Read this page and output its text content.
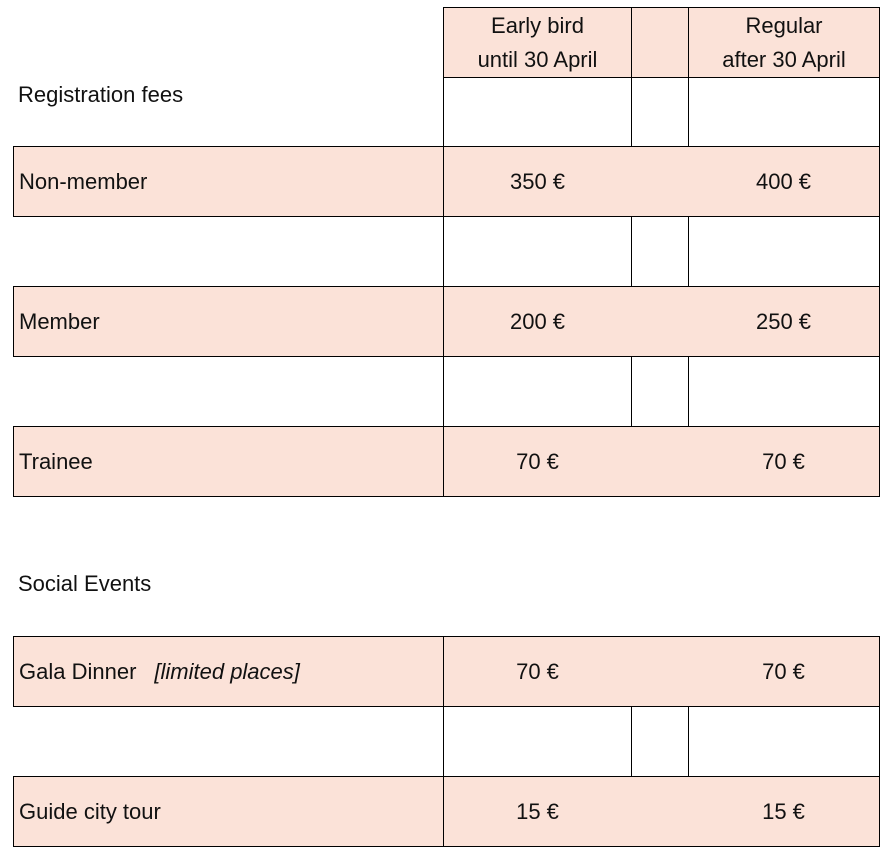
Early bird
until 30 April
Regular
after 30 April
Registration fees
Non-member	350 €	400 €
Member	200 €	250 €
Trainee	70 €	70 €
Social Events
Gala Dinner [limited places]	70 €	70 €
Guide city tour	15 €	15 €
